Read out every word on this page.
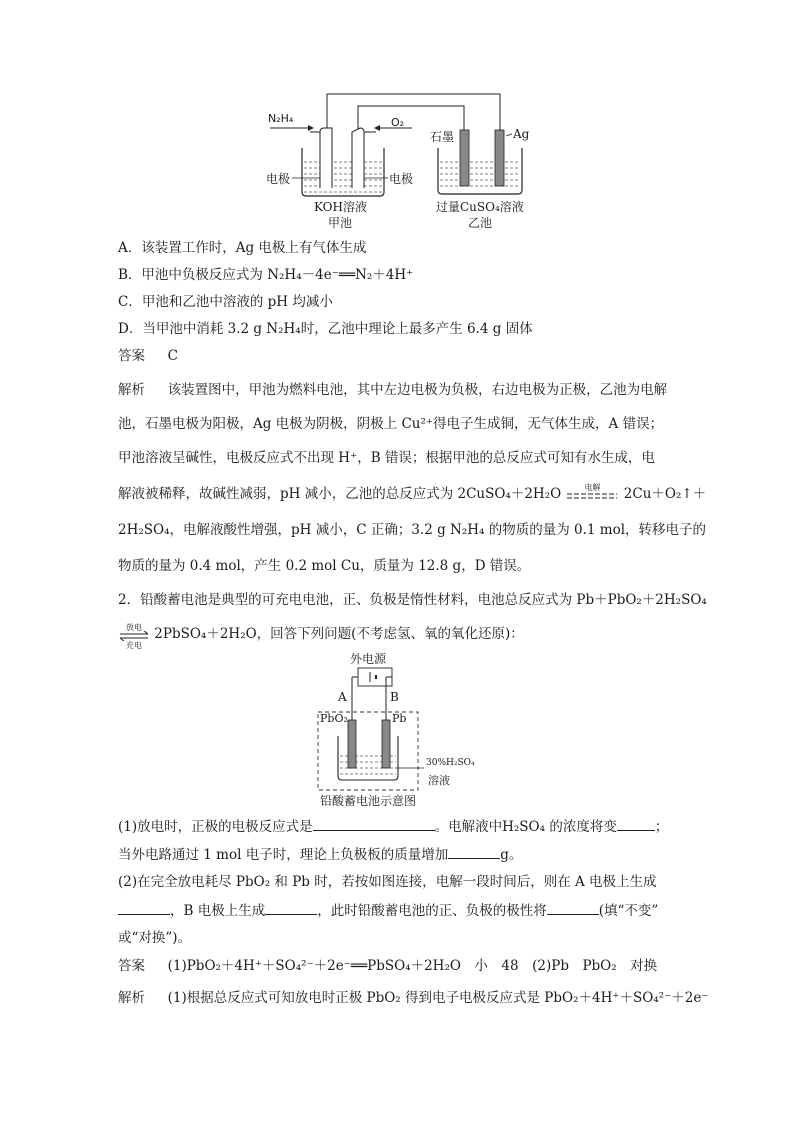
N₂H₄	O₂
石墨	Ag
电极	电极
KOH溶液
甲池
过量CuSO₄溶液
乙池
A．该装置工作时，Ag 电极上有气体生成
B．甲池中负极反应式为 N₂H₄－4e⁻══N₂＋4H⁺
C．甲池和乙池中溶液的 pH 均减小
D．当甲池中消耗 3.2 g N₂H₄时，乙池中理论上最多产生 6.4 g 固体
答案 C
解析 该装置图中，甲池为燃料电池，其中左边电极为负极，右边电极为正极，乙池为电解
池，石墨电极为阳极，Ag 电极为阴极，阴极上 Cu²⁺得电子生成铜，无气体生成，A 错误；
甲池溶液呈碱性，电极反应式不出现 H⁺，B 错误；根据甲池的总反应式可知有水生成，电
解液被稀释，故碱性减弱，pH 减小，乙池的总反应式为 2CuSO₄＋2H₂O	电解	2Cu＋O₂↑＋
2H₂SO₄，电解液酸性增强，pH 减小，C 正确；3.2 g N₂H₄ 的物质的量为 0.1 mol，转移电子的
物质的量为 0.4 mol，产生 0.2 mol Cu，质量为 12.8 g，D 错误。
2．铅酸蓄电池是典型的可充电电池，正、负极是惰性材料，电池总反应式为 Pb＋PbO₂＋2H₂SO₄
放电
充电
2PbSO₄＋2H₂O，回答下列问题(不考虑氢、氧的氧化还原)：
外电源
A	B
PbO₂	Pb
30%H₂SO₄
溶液
铅酸蓄电池示意图
(1)放电时，正极的电极反应式是	。电解液中H₂SO₄ 的浓度将变	；
当外电路通过 1 mol 电子时，理论上负极板的质量增加	g。
(2)在完全放电耗尽 PbO₂ 和 Pb 时，若按如图连接，电解一段时间后，则在 A 电极上生成
，B 电极上生成	，此时铅酸蓄电池的正、负极的极性将	(填“不变”
或“对换”)。
答案 (1)PbO₂＋4H⁺＋SO₄²⁻＋2e⁻══PbSO₄＋2H₂O　小　48　(2)Pb　PbO₂　对换
解析 (1)根据总反应式可知放电时正极 PbO₂ 得到电子电极反应式是 PbO₂＋4H⁺＋SO₄²⁻＋2e⁻
